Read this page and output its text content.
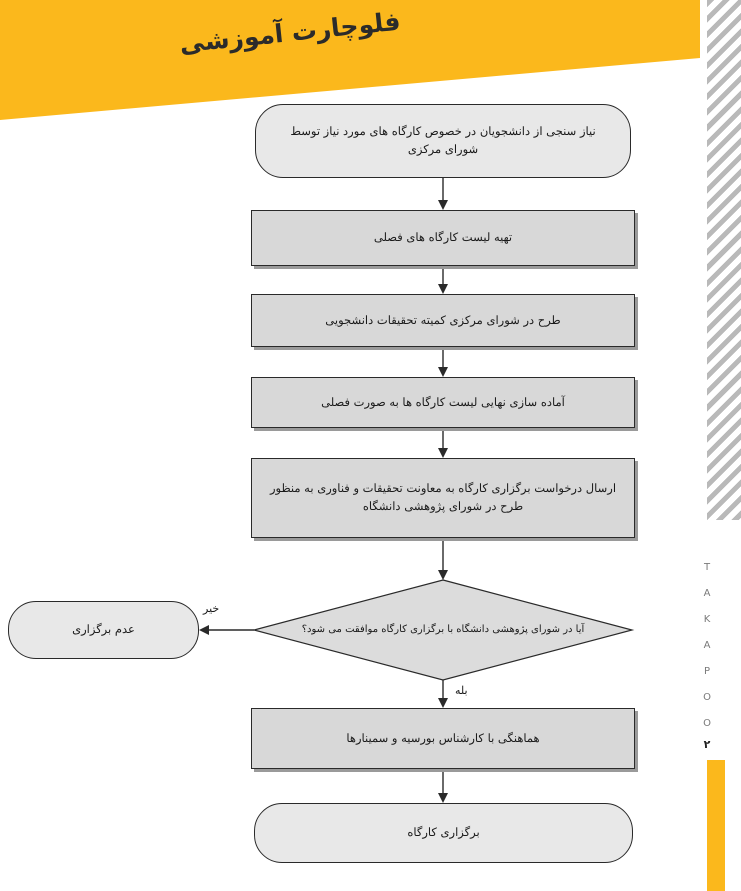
فلوچارت آموزشی
T
A
K
A
P
O
O
۲
نیاز سنجی از دانشجویان در خصوص کارگاه های مورد نیاز توسط شورای مرکزی
تهیه لیست کارگاه های فصلی
طرح در شورای مرکزی کمیته تحقیقات دانشجویی
آماده سازی نهایی لیست کارگاه ها به صورت فصلی
ارسال درخواست برگزاری کارگاه به معاونت تحقیقات و فناوری به منظور طرح در شورای پژوهشی دانشگاه
آیا در شورای پژوهشی دانشگاه با برگزاری کارگاه موافقت می شود؟
عدم برگزاری
خیر
بله
هماهنگی با کارشناس بورسیه و سمینارها
برگزاری کارگاه
